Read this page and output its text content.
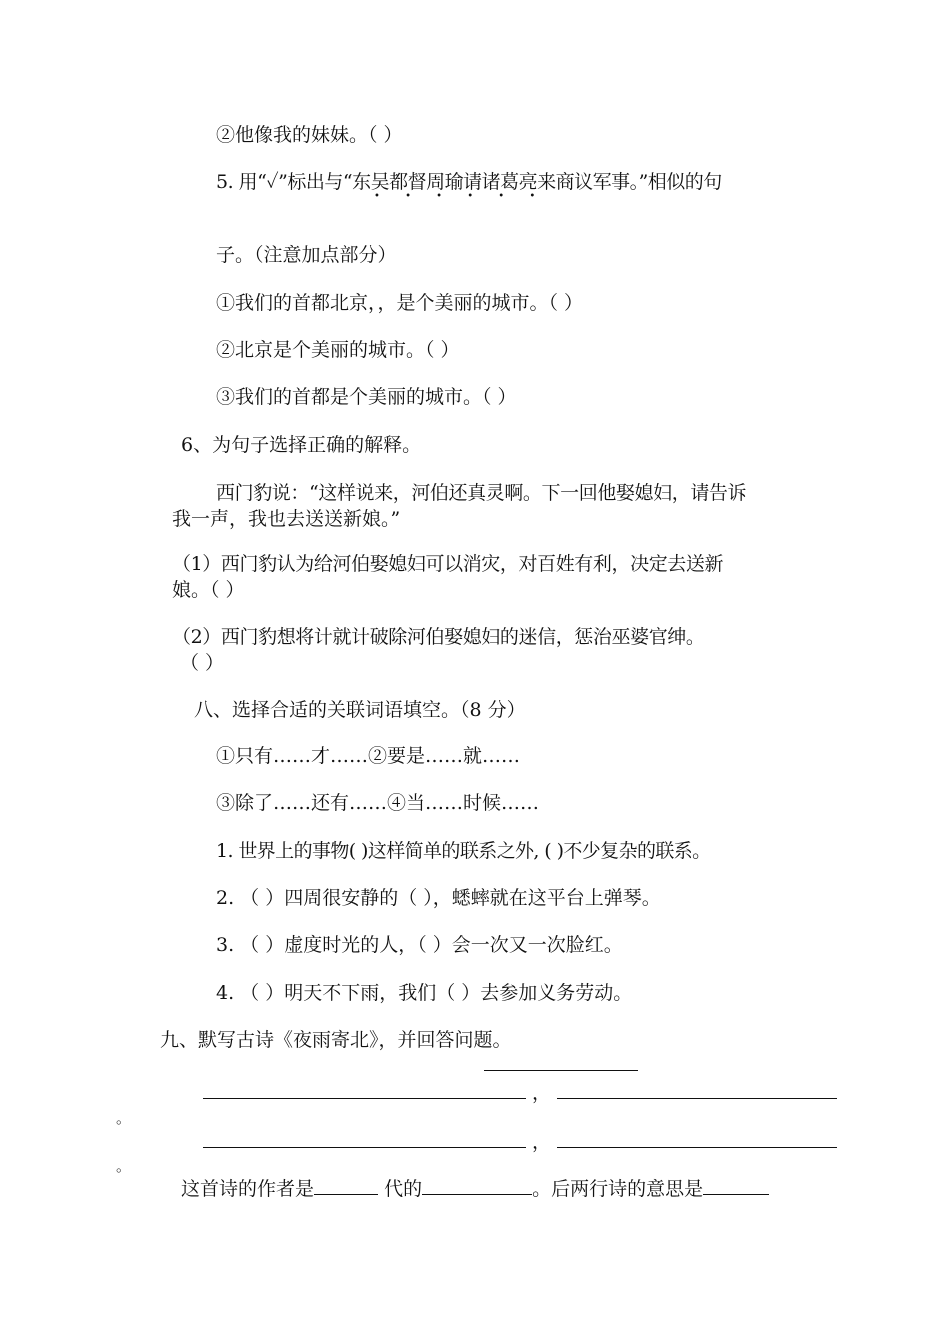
②他像我的妹妹。（ ）
5. 用“✓”标出与“东吴都督周瑜请诸葛亮来商议军事。”相似的句
• • • • • •
子。（注意加点部分）
①我们的首都北京，，是个美丽的城市。（ ）
②北京是个美丽的城市。（ ）
③我们的首都是个美丽的城市。（ ）
6、为句子选择正确的解释。
西门豹说：“这样说来，河伯还真灵啊。下一回他娶媳妇，请告诉
我一声，我也去送送新娘。”
（1）西门豹认为给河伯娶媳妇可以消灾，对百姓有利，决定去送新
娘。（ ）
（2）西门豹想将计就计破除河伯娶媳妇的迷信，惩治巫婆官绅。
（ ）
八、选择合适的关联词语填空。（8 分）
①只有……才……②要是……就……
③除了……还有……④当……时候……
1. 世界上的事物( )这样简单的联系之外, ( )不少复杂的联系。
2. （ ）四周很安静的（ ），蟋蟀就在这平台上弹琴。
3. （ ）虚度时光的人，（ ）会一次又一次脸红。
4. （ ）明天不下雨，我们（ ）去参加义务劳动。
九、默写古诗《夜雨寄北》，并回答问题。
，
。
，
。
这首诗的作者是	代的	。后两行诗的意思是
